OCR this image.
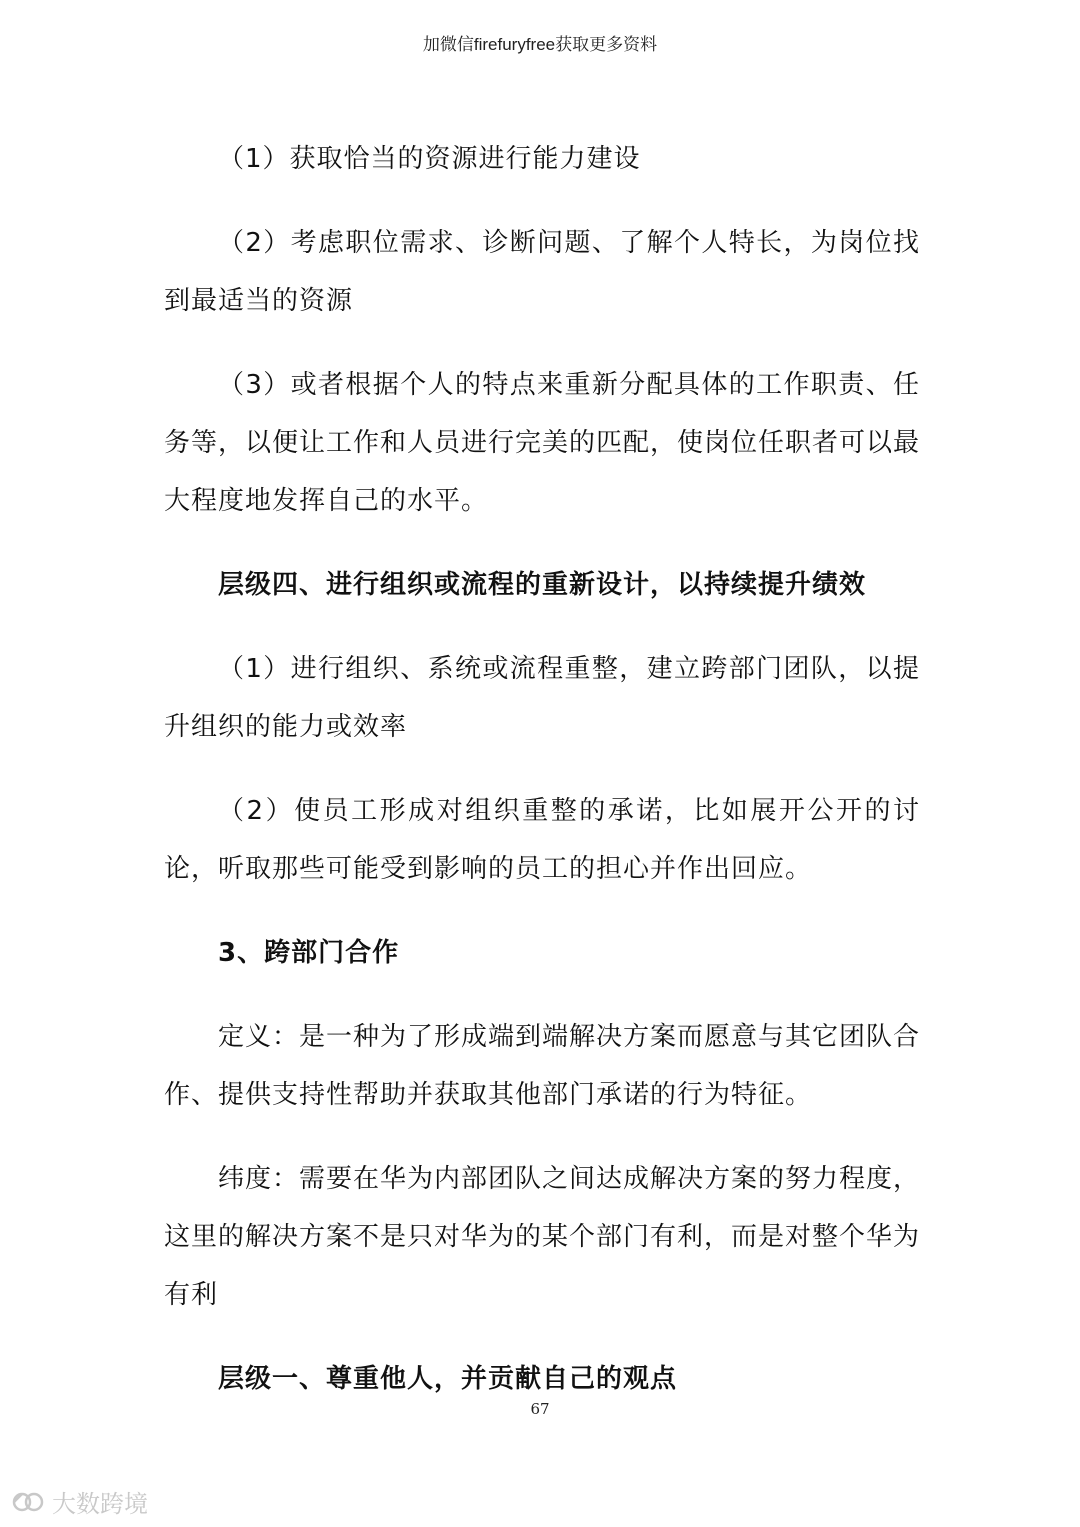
加微信firefuryfree获取更多资料

（1）获取恰当的资源进行能力建设

（2）考虑职位需求、诊断问题、了解个人特长，为岗位找到最适当的资源

（3）或者根据个人的特点来重新分配具体的工作职责、任务等，以便让工作和人员进行完美的匹配，使岗位任职者可以最大程度地发挥自己的水平。

层级四、进行组织或流程的重新设计，以持续提升绩效

（1）进行组织、系统或流程重整，建立跨部门团队，以提升组织的能力或效率

（2）使员工形成对组织重整的承诺，比如展开公开的讨论，听取那些可能受到影响的员工的担心并作出回应。

3、跨部门合作

定义：是一种为了形成端到端解决方案而愿意与其它团队合作、提供支持性帮助并获取其他部门承诺的行为特征。

纬度：需要在华为内部团队之间达成解决方案的努力程度，这里的解决方案不是只对华为的某个部门有利，而是对整个华为有利

层级一、尊重他人，并贡献自己的观点

67
大数跨境
